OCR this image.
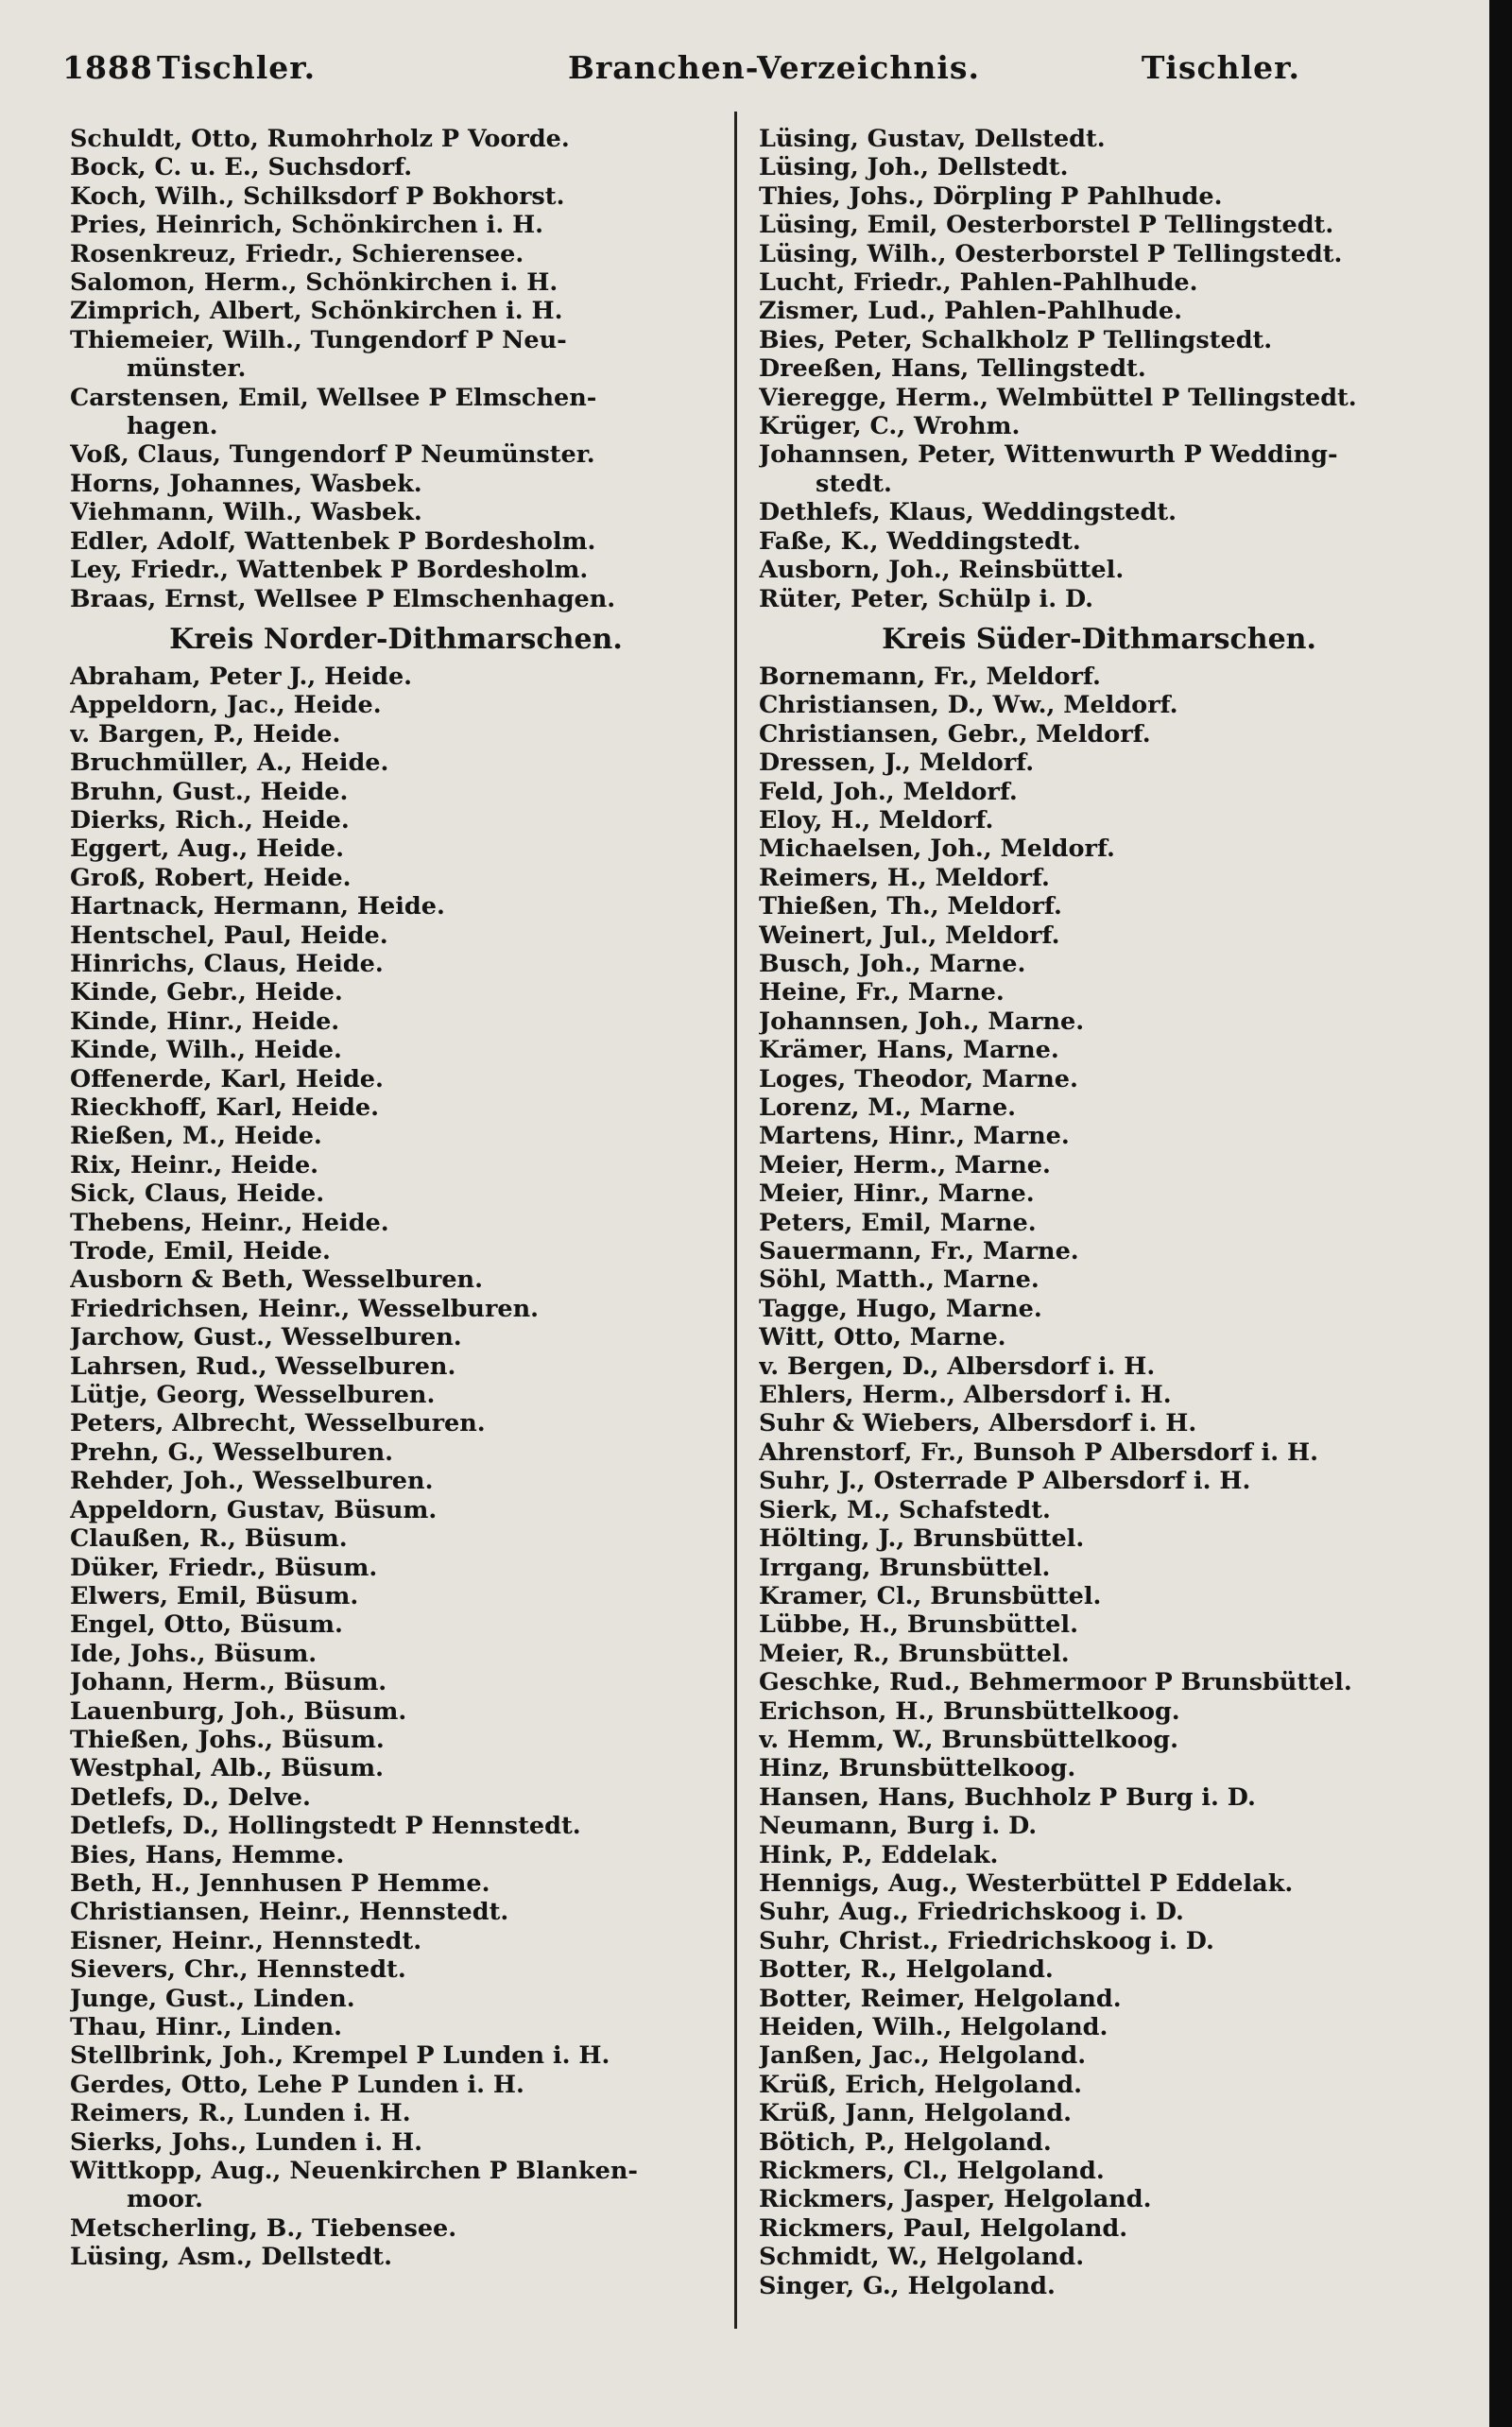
1888 Tischler.	Branchen-Verzeichnis.	Tischler.
Schuldt, Otto, Rumohrholz P Voorde.
Bock, C. u. E., Suchsdorf.
Koch, Wilh., Schilksdorf P Bokhorst.
Pries, Heinrich, Schönkirchen i. H.
Rosenkreuz, Friedr., Schierensee.
Salomon, Herm., Schönkirchen i. H.
Zimprich, Albert, Schönkirchen i. H.
Thiemeier, Wilh., Tungendorf P Neu-
münster.
Carstensen, Emil, Wellsee P Elmschen-
hagen.
Voß, Claus, Tungendorf P Neumünster.
Horns, Johannes, Wasbek.
Viehmann, Wilh., Wasbek.
Edler, Adolf, Wattenbek P Bordesholm.
Ley, Friedr., Wattenbek P Bordesholm.
Braas, Ernst, Wellsee P Elmschenhagen.
Kreis Norder-Dithmarschen.
Abraham, Peter J., Heide.
Appeldorn, Jac., Heide.
v. Bargen, P., Heide.
Bruchmüller, A., Heide.
Bruhn, Gust., Heide.
Dierks, Rich., Heide.
Eggert, Aug., Heide.
Groß, Robert, Heide.
Hartnack, Hermann, Heide.
Hentschel, Paul, Heide.
Hinrichs, Claus, Heide.
Kinde, Gebr., Heide.
Kinde, Hinr., Heide.
Kinde, Wilh., Heide.
Offenerde, Karl, Heide.
Rieckhoff, Karl, Heide.
Rießen, M., Heide.
Rix, Heinr., Heide.
Sick, Claus, Heide.
Thebens, Heinr., Heide.
Trode, Emil, Heide.
Ausborn & Beth, Wesselburen.
Friedrichsen, Heinr., Wesselburen.
Jarchow, Gust., Wesselburen.
Lahrsen, Rud., Wesselburen.
Lütje, Georg, Wesselburen.
Peters, Albrecht, Wesselburen.
Prehn, G., Wesselburen.
Rehder, Joh., Wesselburen.
Appeldorn, Gustav, Büsum.
Claußen, R., Büsum.
Düker, Friedr., Büsum.
Elwers, Emil, Büsum.
Engel, Otto, Büsum.
Ide, Johs., Büsum.
Johann, Herm., Büsum.
Lauenburg, Joh., Büsum.
Thießen, Johs., Büsum.
Westphal, Alb., Büsum.
Detlefs, D., Delve.
Detlefs, D., Hollingstedt P Hennstedt.
Bies, Hans, Hemme.
Beth, H., Jennhusen P Hemme.
Christiansen, Heinr., Hennstedt.
Eisner, Heinr., Hennstedt.
Sievers, Chr., Hennstedt.
Junge, Gust., Linden.
Thau, Hinr., Linden.
Stellbrink, Joh., Krempel P Lunden i. H.
Gerdes, Otto, Lehe P Lunden i. H.
Reimers, R., Lunden i. H.
Sierks, Johs., Lunden i. H.
Wittkopp, Aug., Neuenkirchen P Blanken-
moor.
Metscherling, B., Tiebensee.
Lüsing, Asm., Dellstedt.
Lüsing, Gustav, Dellstedt.
Lüsing, Joh., Dellstedt.
Thies, Johs., Dörpling P Pahlhude.
Lüsing, Emil, Oesterborstel P Tellingstedt.
Lüsing, Wilh., Oesterborstel P Tellingstedt.
Lucht, Friedr., Pahlen-Pahlhude.
Zismer, Lud., Pahlen-Pahlhude.
Bies, Peter, Schalkholz P Tellingstedt.
Dreeßen, Hans, Tellingstedt.
Vieregge, Herm., Welmbüttel P Tellingstedt.
Krüger, C., Wrohm.
Johannsen, Peter, Wittenwurth P Wedding-
stedt.
Dethlefs, Klaus, Weddingstedt.
Faße, K., Weddingstedt.
Ausborn, Joh., Reinsbüttel.
Rüter, Peter, Schülp i. D.
Kreis Süder-Dithmarschen.
Bornemann, Fr., Meldorf.
Christiansen, D., Ww., Meldorf.
Christiansen, Gebr., Meldorf.
Dressen, J., Meldorf.
Feld, Joh., Meldorf.
Eloy, H., Meldorf.
Michaelsen, Joh., Meldorf.
Reimers, H., Meldorf.
Thießen, Th., Meldorf.
Weinert, Jul., Meldorf.
Busch, Joh., Marne.
Heine, Fr., Marne.
Johannsen, Joh., Marne.
Krämer, Hans, Marne.
Loges, Theodor, Marne.
Lorenz, M., Marne.
Martens, Hinr., Marne.
Meier, Herm., Marne.
Meier, Hinr., Marne.
Peters, Emil, Marne.
Sauermann, Fr., Marne.
Söhl, Matth., Marne.
Tagge, Hugo, Marne.
Witt, Otto, Marne.
v. Bergen, D., Albersdorf i. H.
Ehlers, Herm., Albersdorf i. H.
Suhr & Wiebers, Albersdorf i. H.
Ahrenstorf, Fr., Bunsoh P Albersdorf i. H.
Suhr, J., Osterrade P Albersdorf i. H.
Sierk, M., Schafstedt.
Hölting, J., Brunsbüttel.
Irrgang, Brunsbüttel.
Kramer, Cl., Brunsbüttel.
Lübbe, H., Brunsbüttel.
Meier, R., Brunsbüttel.
Geschke, Rud., Behmermoor P Brunsbüttel.
Erichson, H., Brunsbüttelkoog.
v. Hemm, W., Brunsbüttelkoog.
Hinz, Brunsbüttelkoog.
Hansen, Hans, Buchholz P Burg i. D.
Neumann, Burg i. D.
Hink, P., Eddelak.
Hennigs, Aug., Westerbüttel P Eddelak.
Suhr, Aug., Friedrichskoog i. D.
Suhr, Christ., Friedrichskoog i. D.
Botter, R., Helgoland.
Botter, Reimer, Helgoland.
Heiden, Wilh., Helgoland.
Janßen, Jac., Helgoland.
Krüß, Erich, Helgoland.
Krüß, Jann, Helgoland.
Bötich, P., Helgoland.
Rickmers, Cl., Helgoland.
Rickmers, Jasper, Helgoland.
Rickmers, Paul, Helgoland.
Schmidt, W., Helgoland.
Singer, G., Helgoland.
